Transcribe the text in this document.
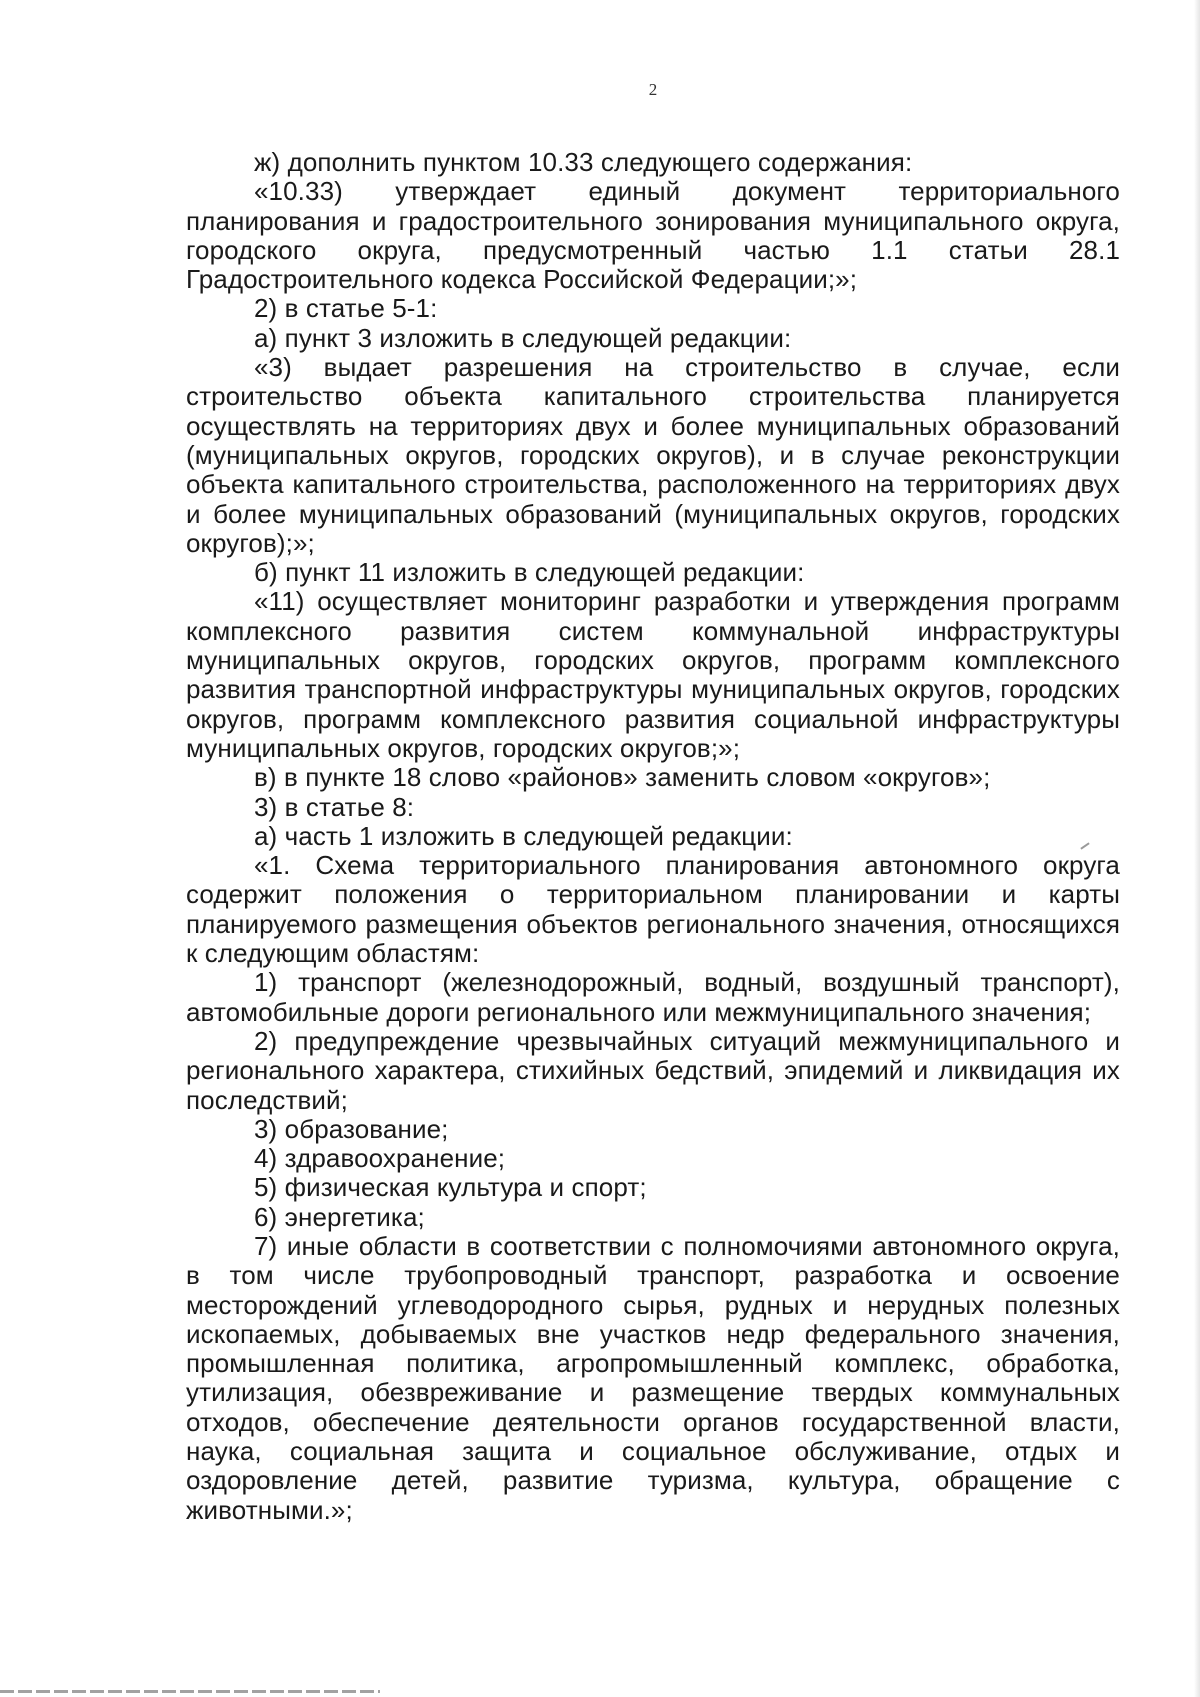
2

ж) дополнить пунктом 10.33 следующего содержания:

«10.33) утверждает единый документ территориального планирования и градостроительного зонирования муниципального округа, городского округа, предусмотренный частью 1.1 статьи 28.1 Градостроительного кодекса Российской Федерации;»;

2) в статье 5-1:

а) пункт 3 изложить в следующей редакции:

«3) выдает разрешения на строительство в случае, если строительство объекта капитального строительства планируется осуществлять на территориях двух и более муниципальных образований (муниципальных округов, городских округов), и в случае реконструкции объекта капитального строительства, расположенного на территориях двух и более муниципальных образований (муниципальных округов, городских округов);»;

б) пункт 11 изложить в следующей редакции:

«11) осуществляет мониторинг разработки и утверждения программ комплексного развития систем коммунальной инфраструктуры муниципальных округов, городских округов, программ комплексного развития транспортной инфраструктуры муниципальных округов, городских округов, программ комплексного развития социальной инфраструктуры муниципальных округов, городских округов;»;

в) в пункте 18 слово «районов» заменить словом «округов»;

3) в статье 8:

а) часть 1 изложить в следующей редакции:

«1. Схема территориального планирования автономного округа содержит положения о территориальном планировании и карты планируемого размещения объектов регионального значения, относящихся к следующим областям:

1) транспорт (железнодорожный, водный, воздушный транспорт), автомобильные дороги регионального или межмуниципального значения;

2) предупреждение чрезвычайных ситуаций межмуниципального и регионального характера, стихийных бедствий, эпидемий и ликвидация их последствий;

3) образование;

4) здравоохранение;

5) физическая культура и спорт;

6) энергетика;

7) иные области в соответствии с полномочиями автономного округа, в том числе трубопроводный транспорт, разработка и освоение месторождений углеводородного сырья, рудных и нерудных полезных ископаемых, добываемых вне участков недр федерального значения, промышленная политика, агропромышленный комплекс, обработка, утилизация, обезвреживание и размещение твердых коммунальных отходов, обеспечение деятельности органов государственной власти, наука, социальная защита и социальное обслуживание, отдых и оздоровление детей, развитие туризма, культура, обращение с животными.»;
